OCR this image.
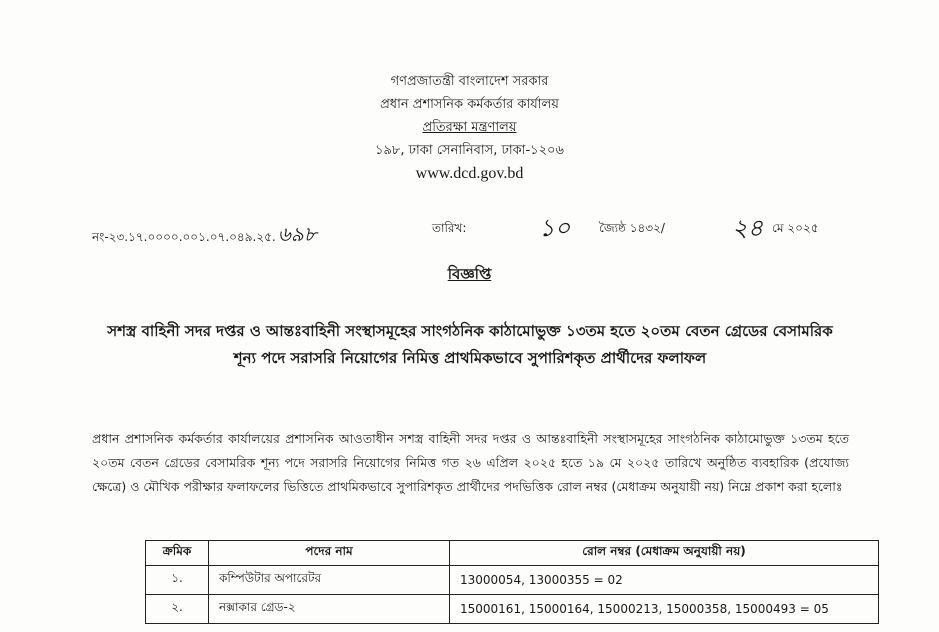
গণপ্রজাতন্ত্রী বাংলাদেশ সরকার
প্রধান প্রশাসনিক কর্মকর্তার কার্যালয়
প্রতিরক্ষা মন্ত্রণালয়
১৯৮, ঢাকা সেনানিবাস, ঢাকা-১২০৬
www.dcd.gov.bd
নং-২৩.১৭.০০০০.০০১.০৭.০৪৯.২৫. ৬৯৮	তারিখ:	১০ জ্যৈষ্ঠ ১৪৩২/	২৪ মে ২০২৫
বিজ্ঞপ্তি
সশস্ত্র বাহিনী সদর দপ্তর ও আন্তঃবাহিনী সংস্থাসমূহের সাংগঠনিক কাঠামোভুক্ত ১৩তম হতে ২০তম বেতন গ্রেডের বেসামরিক শূন্য পদে সরাসরি নিয়োগের নিমিত্ত প্রাথমিকভাবে সুপারিশকৃত প্রার্থীদের ফলাফল
প্রধান প্রশাসনিক কর্মকর্তার কার্যালয়ের প্রশাসনিক আওতাধীন সশস্ত্র বাহিনী সদর দপ্তর ও আন্তঃবাহিনী সংস্থাসমূহের সাংগঠনিক কাঠামোভুক্ত ১৩তম হতে ২০তম বেতন গ্রেডের বেসামরিক শূন্য পদে সরাসরি নিয়োগের নিমিত্ত গত ২৬ এপ্রিল ২০২৫ হতে ১৯ মে ২০২৫ তারিখে অনুষ্ঠিত ব্যবহারিক (প্রযোজ্য ক্ষেত্রে) ও মৌখিক পরীক্ষার ফলাফলের ভিত্তিতে প্রাথমিকভাবে সুপারিশকৃত প্রার্থীদের পদভিত্তিক রোল নম্বর (মেধাক্রম অনুযায়ী নয়) নিম্নে প্রকাশ করা হলোঃ
ক্রমিক	পদের নাম	রোল নম্বর (মেধাক্রম অনুযায়ী নয়)
১.	কম্পিউটার অপারেটর	13000054, 13000355 = 02
২.	নক্সাকার গ্রেড-২	15000161, 15000164, 15000213, 15000358, 15000493 = 05
